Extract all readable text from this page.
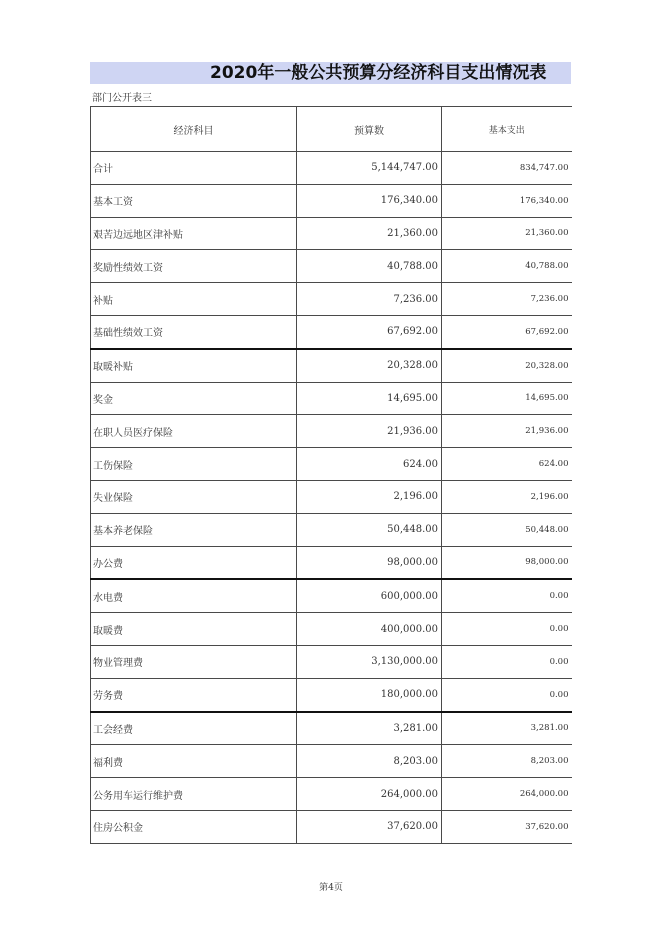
2020年一般公共预算分经济科目支出情况表
部门公开表三
经济科目	预算数	基本支出
合计	5,144,747.00	834,747.00
基本工资	176,340.00	176,340.00
艰苦边远地区津补贴	21,360.00	21,360.00
奖励性绩效工资	40,788.00	40,788.00
补贴	7,236.00	7,236.00
基础性绩效工资	67,692.00	67,692.00
取暖补贴	20,328.00	20,328.00
奖金	14,695.00	14,695.00
在职人员医疗保险	21,936.00	21,936.00
工伤保险	624.00	624.00
失业保险	2,196.00	2,196.00
基本养老保险	50,448.00	50,448.00
办公费	98,000.00	98,000.00
水电费	600,000.00	0.00
取暖费	400,000.00	0.00
物业管理费	3,130,000.00	0.00
劳务费	180,000.00	0.00
工会经费	3,281.00	3,281.00
福利费	8,203.00	8,203.00
公务用车运行维护费	264,000.00	264,000.00
住房公积金	37,620.00	37,620.00
第4页
